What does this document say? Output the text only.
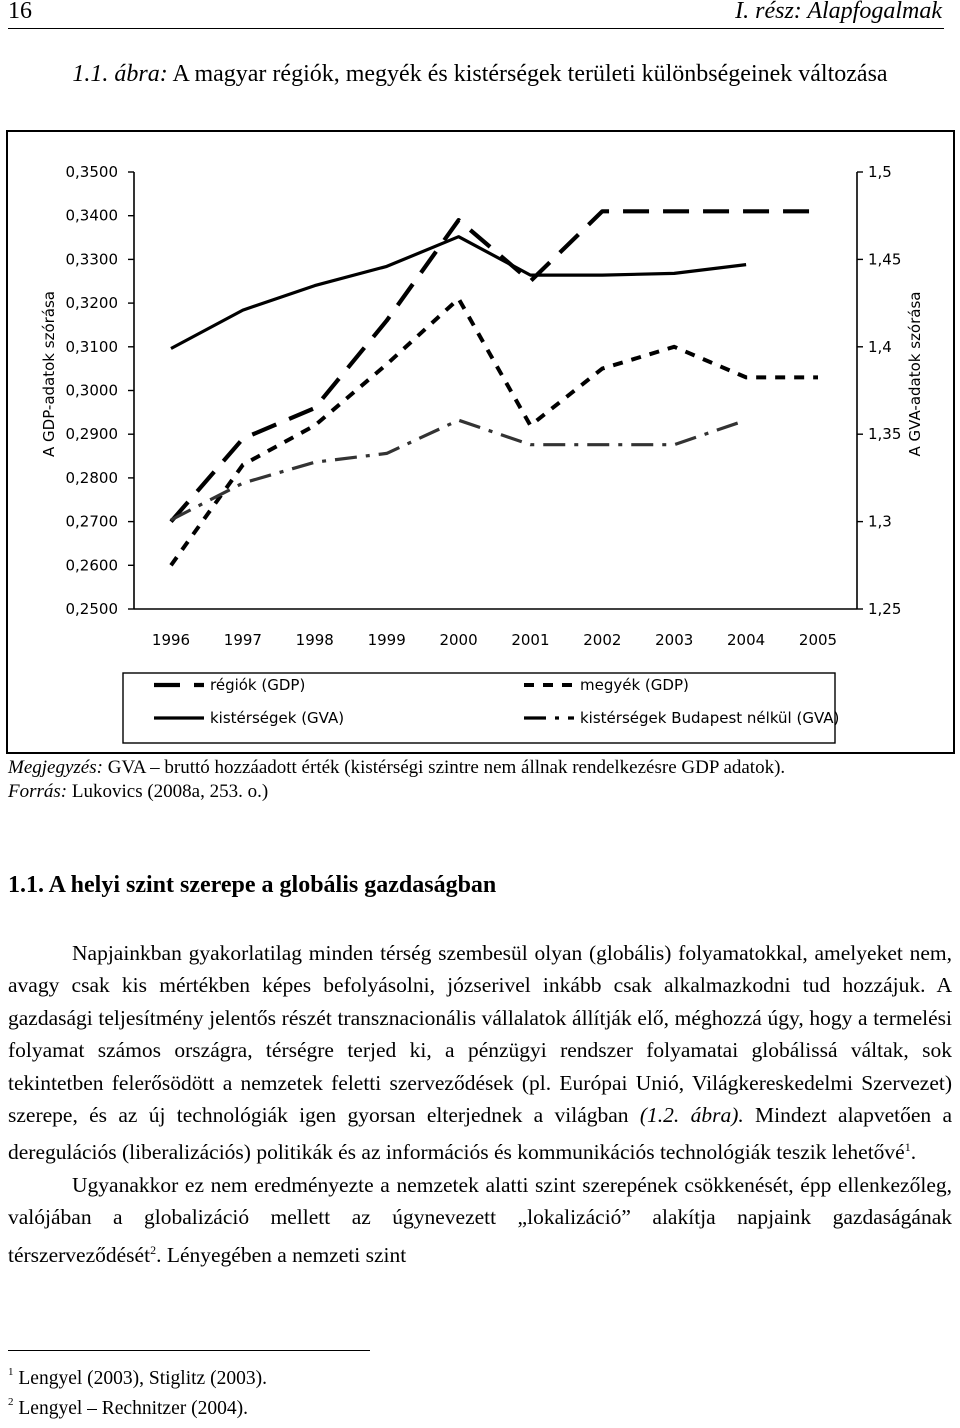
16	I. rész: Alapfogalmak
1.1. ábra: A magyar régiók, megyék és kistérségek területi különbségeinek változása
A GDP-adatok szórása	A GVA-adatok szórása
0,2500
0,2600
0,2700
0,2800
0,2900
0,3000
0,3100
0,3200
0,3300
0,3400
0,3500
1,25
1,3
1,35
1,4
1,45
1,5
1996 1997 1998 1999 2000 2001 2002 2003 2004 2005
régiók (GDP)	megyék (GDP)
kistérségek (GVA)	kistérségek Budapest nélkül (GVA)
Megjegyzés: GVA – bruttó hozzáadott érték (kistérségi szintre nem állnak rendelkezésre GDP adatok).
Forrás: Lukovics (2008a, 253. o.)
1.1. A helyi szint szerepe a globális gazdaságban

Napjainkban gyakorlatilag minden térség szembesül olyan (globális) folyamatokkal, amelyeket nem, avagy csak kis mértékben képes befolyásolni, józserivel inkább csak alkalmazkodni tud hozzájuk. A gazdasági teljesítmény jelentős részét transznacionális vállalatok állítják elő, méghozzá úgy, hogy a termelési folyamat számos országra, térségre terjed ki, a pénzügyi rendszer folyamatai globálissá váltak, sok tekintetben felerősödött a nemzetek feletti szerveződések (pl. Európai Unió, Világkereskedelmi Szervezet) szerepe, és az új technológiák igen gyorsan elterjednek a világban (1.2. ábra). Mindezt alapvetően a deregulációs (liberalizációs) politikák és az információs és kommunikációs technológiák teszik lehetővé$^1$.

Ugyanakkor ez nem eredményezte a nemzetek alatti szint szerepének csökkenését, épp ellenkezőleg, valójában a globalizáció mellett az úgynevezett „lokalizáció” alakítja napjaink gazdaságának térszerveződését$^2$. Lényegében a nemzeti szint

$^1$ Lengyel (2003), Stiglitz (2003).
$^2$ Lengyel – Rechnitzer (2004).
